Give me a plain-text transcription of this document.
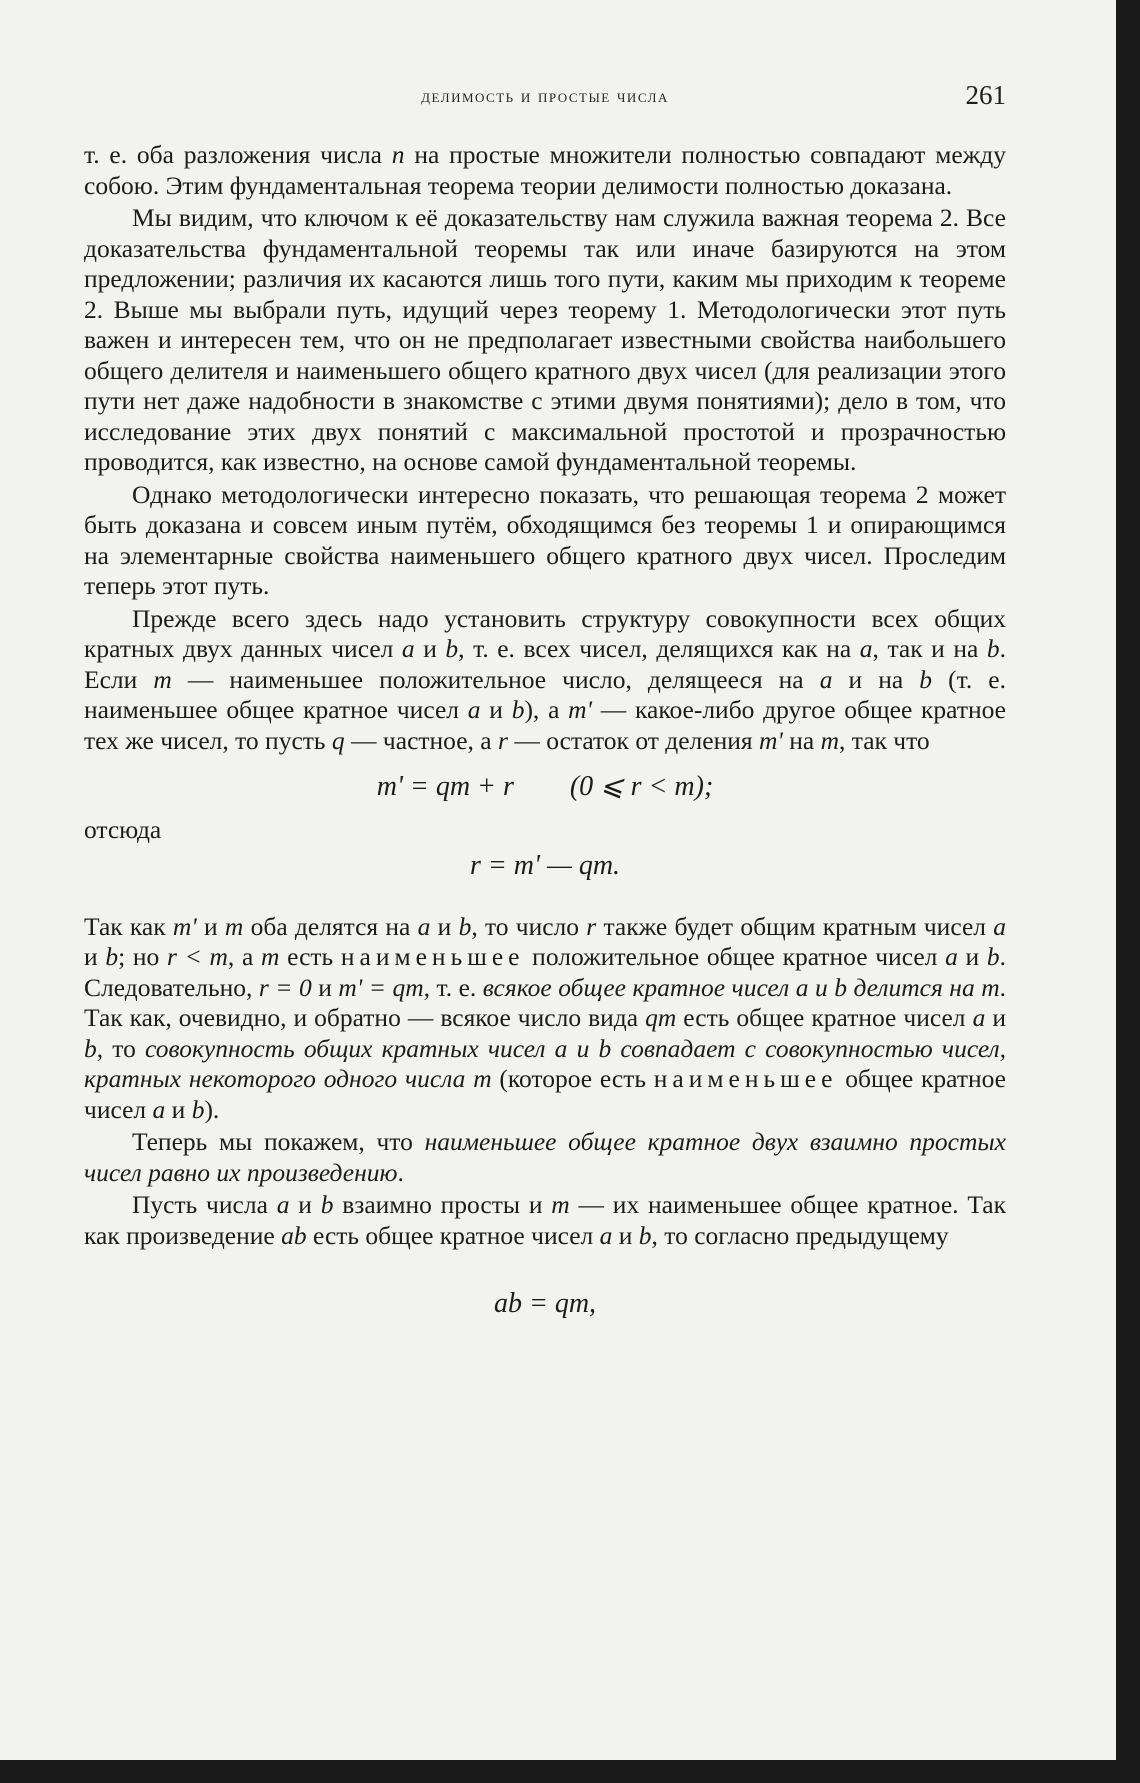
делимость и простые числа	261

т. е. оба разложения числа n на простые множители полностью совпадают между собою. Этим фундаментальная теорема теории делимости полностью доказана.

Мы видим, что ключом к её доказательству нам служила важная теорема 2. Все доказательства фундаментальной теоремы так или иначе базируются на этом предложении; различия их касаются лишь того пути, каким мы приходим к теореме 2. Выше мы выбрали путь, идущий через теорему 1. Методологически этот путь важен и интересен тем, что он не предполагает известными свойства наибольшего общего делителя и наименьшего общего кратного двух чисел (для реализации этого пути нет даже надобности в знакомстве с этими двумя понятиями); дело в том, что исследование этих двух понятий с максимальной простотой и прозрачностью проводится, как известно, на основе самой фундаментальной теоремы.

Однако методологически интересно показать, что решающая теорема 2 может быть доказана и совсем иным путём, обходящимся без теоремы 1 и опирающимся на элементарные свойства наименьшего общего кратного двух чисел. Проследим теперь этот путь.

Прежде всего здесь надо установить структуру совокупности всех общих кратных двух данных чисел a и b, т. е. всех чисел, делящихся как на a, так и на b. Если m — наименьшее положительное число, делящееся на a и на b (т. е. наименьшее общее кратное чисел a и b), а m' — какое-либо другое общее кратное тех же чисел, то пусть q — частное, а r — остаток от деления m' на m, так что

m' = qm + r        (0 ⩽ r < m);

отсюда

r = m' — qm.

Так как m' и m оба делятся на a и b, то число r также будет общим кратным чисел a и b; но r < m, а m есть наименьшее положительное общее кратное чисел a и b. Следовательно, r = 0 и m' = qm, т. е. всякое общее кратное чисел a и b делится на m. Так как, очевидно, и обратно — всякое число вида qm есть общее кратное чисел a и b, то совокупность общих кратных чисел a и b совпадает с совокупностью чисел, кратных некоторого одного числа m (которое есть наименьшее общее кратное чисел a и b).

Теперь мы покажем, что наименьшее общее кратное двух взаимно простых чисел равно их произведению.

Пусть числа a и b взаимно просты и m — их наименьшее общее кратное. Так как произведение ab есть общее кратное чисел a и b, то согласно предыдущему

ab = qm,
